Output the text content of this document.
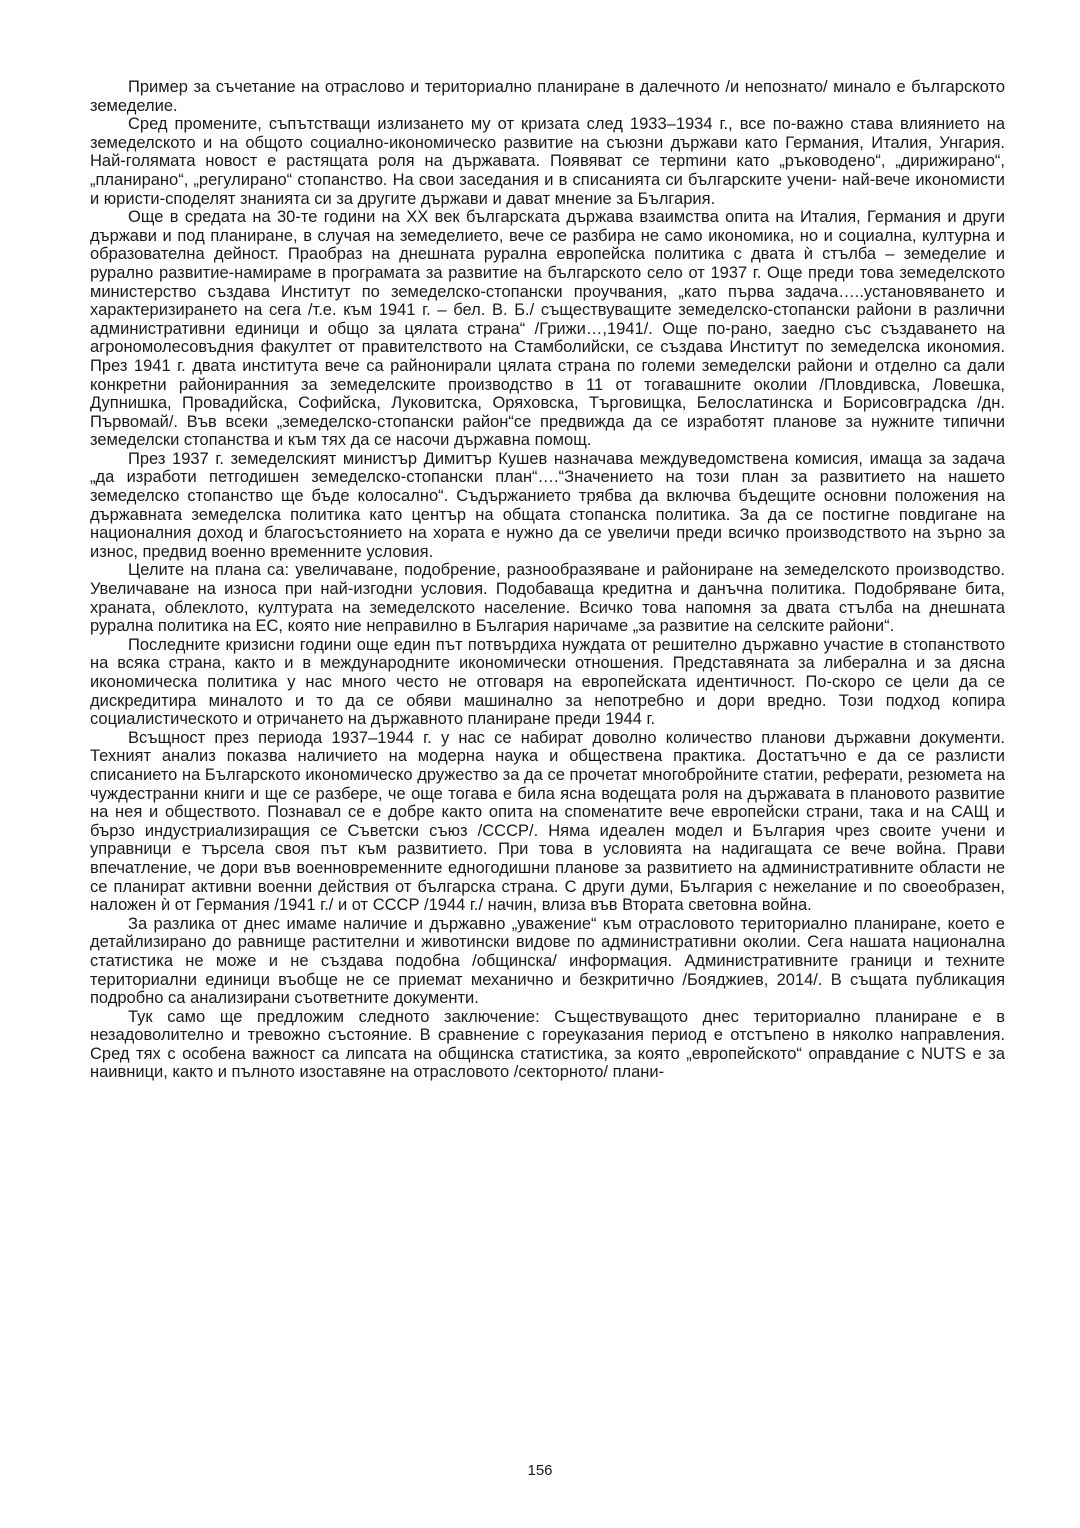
Пример за съчетание на отраслово и териториално планиране в далечното /и непознато/ минало е българското земеделие.

Сред промените, съпътстващи излизането му от кризата след 1933–1934 г., все по-важно става влиянието на земеделското и на общото социално-икономическо развитие на съюзни държави като Германия, Италия, Унгария. Най-голямата новост е растящата роля на държавата. Появяват се терmини като „ръководено“, „дирижирано“, „планирано“, „регулирано“ стопанство. На свои заседания и в списанията си българските учени- най-вече икономисти и юристи-споделят знанията си за другите държави и дават мнение за България.

Още в средата на 30-те години на XX век българската държава взаимства опита на Италия, Германия и други държави и под планиране, в случая на земеделието, вече се разбира не само икономика, но и социална, културна и образователна дейност. Праобраз на днешната рурална европейска политика с двата ѝ стълба – земеделие и рурално развитие-намираме в програмата за развитие на българското село от 1937 г. Още преди това земеделското министерство създава Институт по земеделско-стопански проучвания, „като първа задача…..установяването и характеризирането на сега /т.е. към 1941 г. – бел. В. Б./ съществуващите земеделско-стопански райони в различни административни единици и общо за цялата страна“ /Грижи…,1941/. Още по-рано, заедно със създаването на агрономолесовъдния факултет от правителството на Стамболийски, се създава Институт по земеделска икономия. През 1941 г. двата института вече са райнонирали цялата страна по големи земеделски райони и отделно са дали конкретни райониранния за земеделските производство в 11 от тогавашните околии /Пловдивска, Ловешка, Дупнишка, Провадийска, Софийска, Луковитска, Оряховска, Търговищка, Белослатинска и Борисовградска /дн. Първомай/. Във всеки „земеделско-стопански район“се предвижда да се изработят планове за нужните типични земеделски стопанства и към тях да се насочи държавна помощ.

През 1937 г. земеделският министър Димитър Кушев назначава междуведомствена комисия, имаща за задача „да изработи петгодишен земеделско-стопански план“….“Значението на този план за развитието на нашето земеделско стопанство ще бъде колосално“. Съдържанието трябва да включва бъдещите основни положения на държавната земеделска политика като център на общата стопанска политика. За да се постигне повдигане на националния доход и благосъстоянието на хората е нужно да се увеличи преди всичко производството на зърно за износ, предвид военно временните условия.

Целите на плана са: увеличаване, подобрение, разнообразяване и райониране на земеделското производство. Увеличаване на износа при най-изгодни условия. Подобаваща кредитна и данъчна политика. Подобряване бита, храната, облеклото, културата на земеделското население. Всичко това напомня за двата стълба на днешната рурална политика на ЕС, която ние неправилно в България наричаме „за развитие на селските райони“.

Последните кризисни години още един път потвърдиха нуждата от решително държавно участие в стопанството на всяка страна, както и в международните икономически отношения. Представяната за либерална и за дясна икономическа политика у нас много често не отговаря на европейската идентичност. По-скоро се цели да се дискредитира миналото и то да се обяви машинално за непотребно и дори вредно. Този подход копира социалистическото и отричането на държавното планиране преди 1944 г.

Всъщност през периода 1937–1944 г. у нас се набират доволно количество планови държавни документи. Техният анализ показва наличието на модерна наука и обществена практика. Достатъчно е да се разлисти списанието на Българското икономическо дружество за да се прочетат многобройните статии, реферати, резюмета на чуждестранни книги и ще се разбере, че още тогава е била ясна водещата роля на държавата в плановото развитие на нея и обществото. Познавал се е добре както опита на споменатите вече европейски страни, така и на САЩ и бързо индустриализиращия се Съветски съюз /СССР/. Няма идеален модел и България чрез своите учени и управници е търсела своя път към развитието. При това в условията на надигащата се вече война. Прави впечатление, че дори във военновременните едногодишни планове за развитието на административните области не се планират активни военни действия от българска страна. С други думи, България с нежелание и по своеобразен, наложен ѝ от Германия /1941 г./ и от СССР /1944 г./ начин, влиза във Втората световна война.

За разлика от днес имаме наличие и държавно „уважение“ към отрасловото териториално планиране, което е детайлизирано до равнище растителни и животински видове по административни околии. Сега нашата национална статистика не може и не създава подобна /общинска/ информация. Административните граници и техните териториални единици въобще не се приемат механично и безкритично /Бояджиев, 2014/. В същата публикация подробно са анализирани съответните документи.

Тук само ще предложим следното заключение: Съществуващото днес териториално планиране е в незадоволително и тревожно състояние. В сравнение с гореуказания период е отстъпено в няколко направления. Сред тях с особена важност са липсата на общинска статистика, за която „европейското“ оправдание с NUTS е за наивници, както и пълното изоставяне на отрасловото /секторното/ плани-

156
